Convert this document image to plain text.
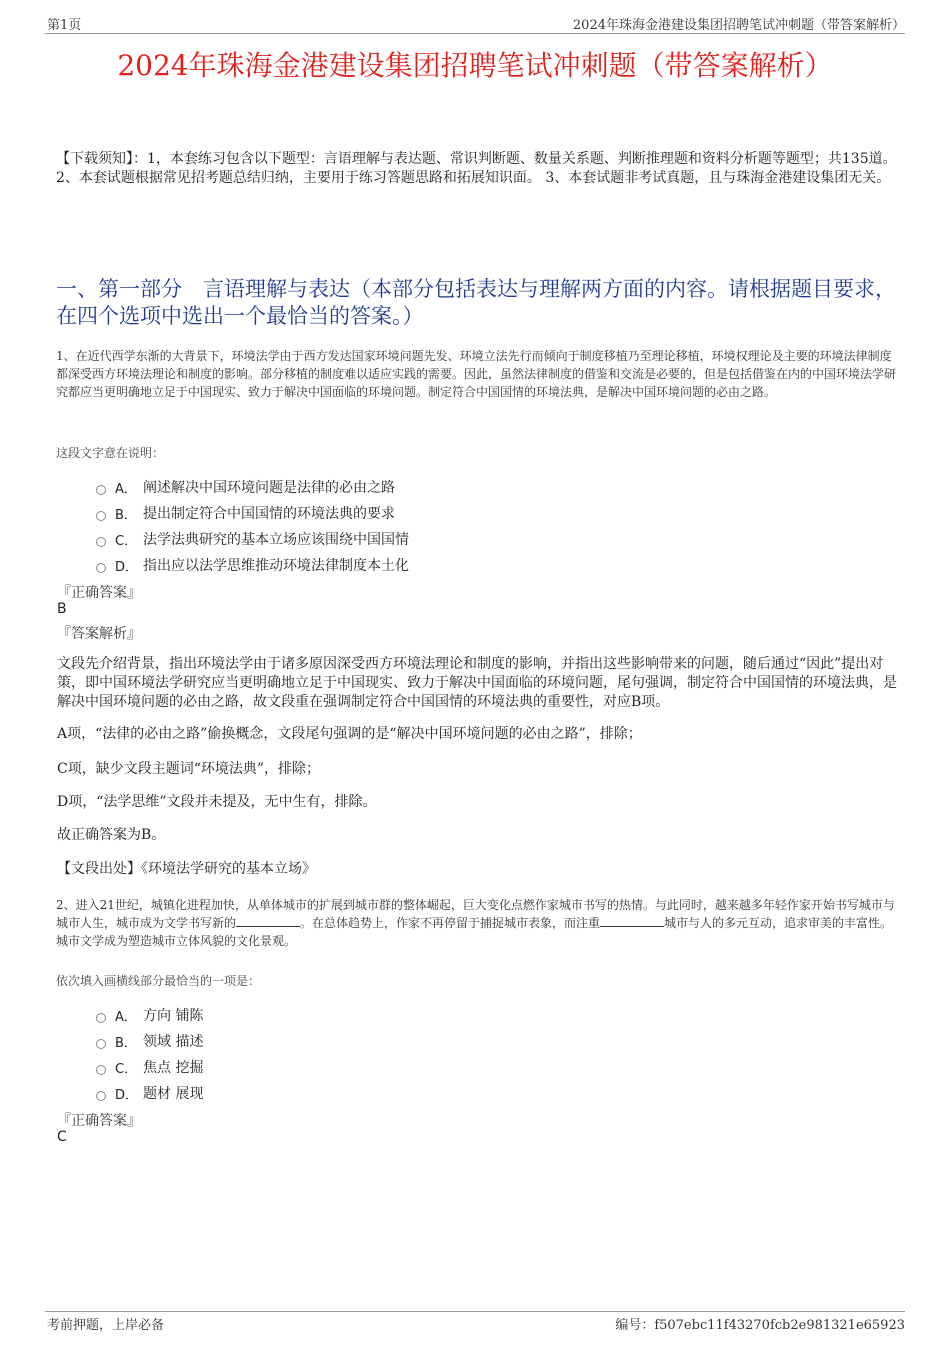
第1页	2024年珠海金港建设集团招聘笔试冲刺题（带答案解析）
2024年珠海金港建设集团招聘笔试冲刺题（带答案解析）
【下载须知】：1，本套练习包含以下题型：言语理解与表达题、常识判断题、数量关系题、判断推理题和资料分析题等题型；共135道。 2、本套试题根据常见招考题总结归纳，主要用于练习答题思路和拓展知识面。 3、本套试题非考试真题，且与珠海金港建设集团无关。
一、第一部分　言语理解与表达（本部分包括表达与理解两方面的内容。请根据题目要求，在四个选项中选出一个最恰当的答案。）
1、在近代西学东渐的大背景下，环境法学由于西方发达国家环境问题先发、环境立法先行而倾向于制度移植乃至理论移植，环境权理论及主要的环境法律制度都深受西方环境法理论和制度的影响。部分移植的制度难以适应实践的需要。因此，虽然法律制度的借鉴和交流是必要的，但是包括借鉴在内的中国环境法学研究都应当更明确地立足于中国现实、致力于解决中国面临的环境问题。制定符合中国国情的环境法典，是解决中国环境问题的必由之路。
这段文字意在说明：
A． 阐述解决中国环境问题是法律的必由之路
B． 提出制定符合中国国情的环境法典的要求
C． 法学法典研究的基本立场应该围绕中国国情
D． 指出应以法学思维推动环境法律制度本土化
『正确答案』
B
『答案解析』
文段先介绍背景，指出环境法学由于诸多原因深受西方环境法理论和制度的影响，并指出这些影响带来的问题，随后通过“因此”提出对策，即中国环境法学研究应当更明确地立足于中国现实、致力于解决中国面临的环境问题，尾句强调，制定符合中国国情的环境法典，是解决中国环境问题的必由之路，故文段重在强调制定符合中国国情的环境法典的重要性，对应B项。
A项，“法律的必由之路”偷换概念，文段尾句强调的是“解决中国环境问题的必由之路”，排除；
C项，缺少文段主题词“环境法典”，排除；
D项，“法学思维”文段并未提及，无中生有，排除。
故正确答案为B。
【文段出处】《环境法学研究的基本立场》
2、进入21世纪，城镇化进程加快，从单体城市的扩展到城市群的整体崛起，巨大变化点燃作家城市书写的热情。与此同时，越来越多年轻作家开始书写城市与城市人生，城市成为文学书写新的	。在总体趋势上，作家不再停留于捕捉城市表象，而注重	城市与人的多元互动，追求审美的丰富性。城市文学成为塑造城市立体风貌的文化景观。
依次填入画横线部分最恰当的一项是：
A． 方向 铺陈
B． 领域 描述
C． 焦点 挖掘
D． 题材 展现
『正确答案』
C
考前押题，上岸必备	编号：f507ebc11f43270fcb2e981321e65923
